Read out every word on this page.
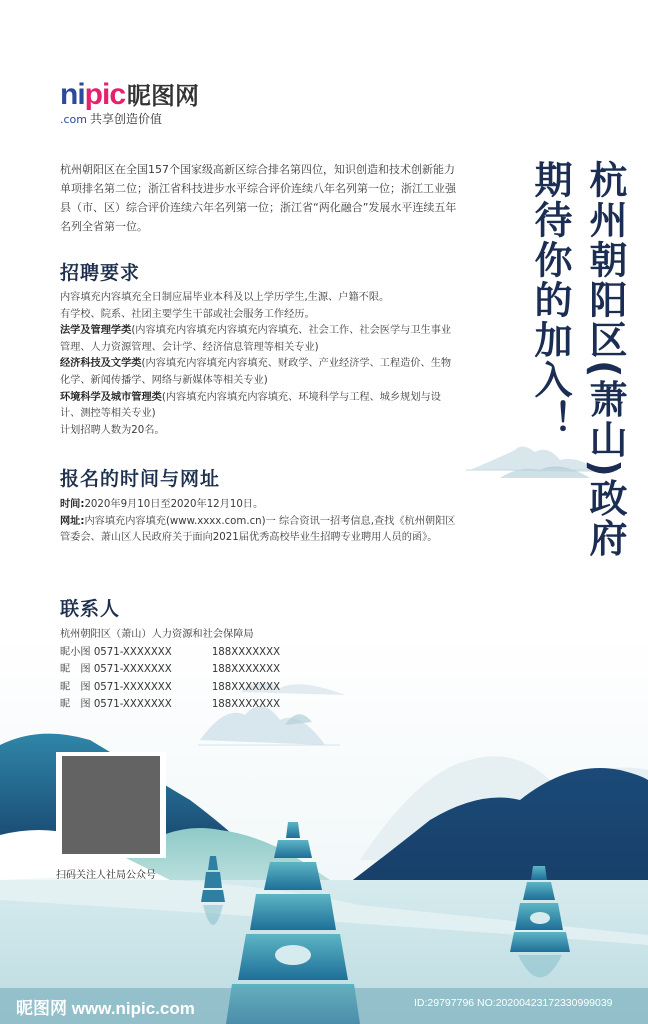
nipic昵图网
.com 共享创造价值
杭州朝阳区在全国157个国家级高新区综合排名第四位，知识创造和技术创新能力单项排名第二位；浙江省科技进步水平综合评价连续八年名列第一位；浙江工业强县（市、区）综合评价连续六年名列第一位；浙江省“两化融合”发展水平连续五年名列全省第一位。	杭州朝阳区(萧山)政府
期待你的加入！
招聘要求

内容填充内容填充全日制应届毕业本科及以上学历学生,生源、户籍不限。

有学校、院系、社团主要学生干部或社会服务工作经历。

法学及管理学类(内容填充内容填充内容填充内容填充、社会工作、社会医学与卫生事业管理、人力资源管理、会计学、经济信息管理等相关专业)

经济科技及文学类(内容填充内容填充内容填充、财政学、产业经济学、工程造价、生物化学、新闻传播学、网络与新媒体等相关专业)

环境科学及城市管理类(内容填充内容填充内容填充、环境科学与工程、城乡规划与设计、测控等相关专业)

计划招聘人数为20名。

报名的时间与网址

时间:2020年9月10日至2020年12月10日。

网址:内容填充内容填充(www.xxxx.com.cn)一 综合资讯一招考信息,查找《杭州朝阳区管委会、萧山区人民政府关于面向2021届优秀高校毕业生招聘专业聘用人员的函》。

联系人
杭州朝阳区（萧山）人力资源和社会保障局
昵小图 0571-XXXXXXX	188XXXXXXX
昵　图 0571-XXXXXXX	188XXXXXXX
昵　图 0571-XXXXXXX	188XXXXXXX
昵　图 0571-XXXXXXX	188XXXXXXX
扫码关注人社局公众号
昵图网 www.nipic.com	ID:29797796 NO:20200423172330999039
